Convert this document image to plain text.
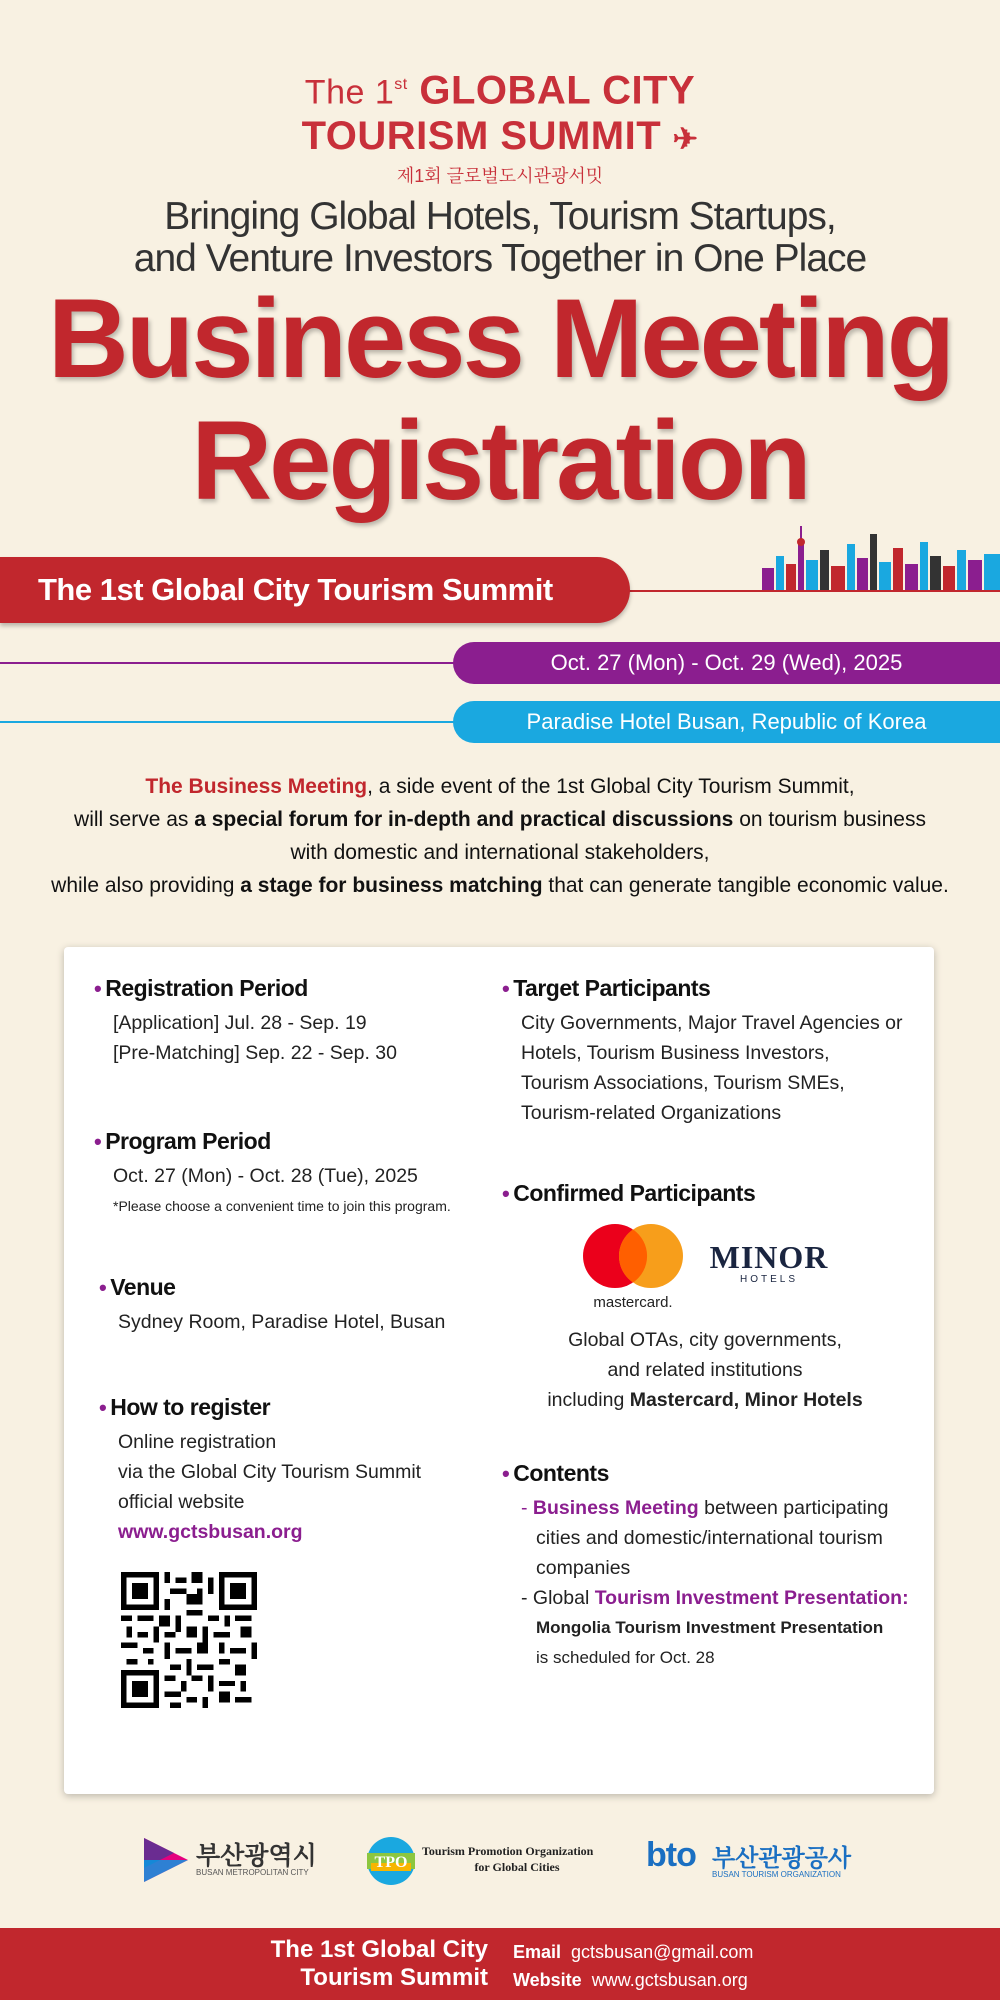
The 1st GLOBAL CITY
TOURISM SUMMIT ✈
제1회 글로벌도시관광서밋
Bringing Global Hotels, Tourism Startups,
and Venture Investors Together in One Place
Business Meeting
Registration
The 1st Global City Tourism Summit
Oct. 27 (Mon) - Oct. 29 (Wed), 2025
Paradise Hotel Busan, Republic of Korea
The Business Meeting, a side event of the 1st Global City Tourism Summit,
will serve as a special forum for in-depth and practical discussions on tourism business
with domestic and international stakeholders,
while also providing a stage for business matching that can generate tangible economic value.
• Registration Period
[Application] Jul. 28 - Sep. 19
[Pre-Matching] Sep. 22 - Sep. 30
• Program Period
Oct. 27 (Mon) - Oct. 28 (Tue), 2025
*Please choose a convenient time to join this program.
• Venue
Sydney Room, Paradise Hotel, Busan
• How to register
Online registration
via the Global City Tourism Summit
official website
www.gctsbusan.org
• Target Participants
City Governments, Major Travel Agencies or
Hotels, Tourism Business Investors,
Tourism Associations, Tourism SMEs,
Tourism-related Organizations
• Confirmed Participants
mastercard.
MINOR
HOTELS
Global OTAs, city governments,
and related institutions
including Mastercard, Minor Hotels
• Contents
- Business Meeting between participating
cities and domestic/international tourism
companies
- Global Tourism Investment Presentation:
Mongolia Tourism Investment Presentation
is scheduled for Oct. 28
부산광역시
BUSAN METROPOLITAN CITY
TPO
Tourism Promotion Organization
for Global Cities	bto 부산관광공사
BUSAN TOURISM ORGANIZATION
The 1st Global City
Tourism Summit
Email gctsbusan@gmail.com
Website www.gctsbusan.org
